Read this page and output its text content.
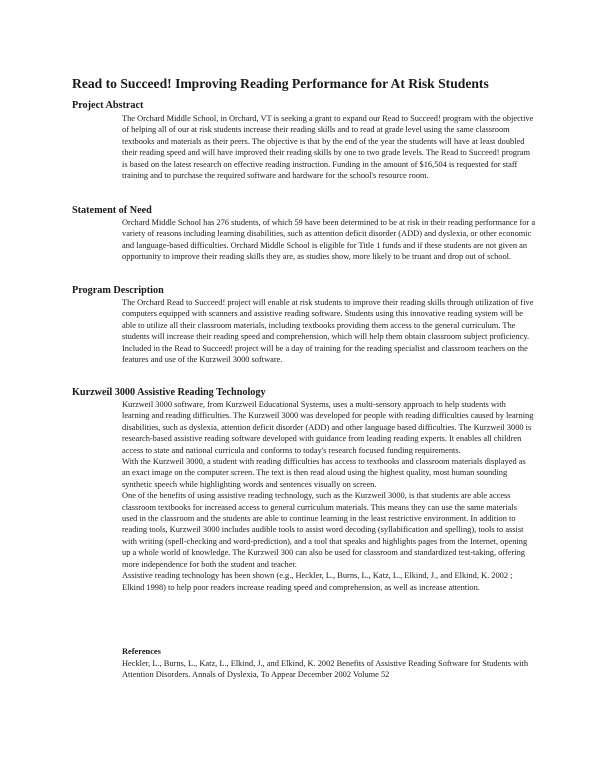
Read to Succeed! Improving Reading Performance for At Risk Students
Project Abstract

The Orchard Middle School, in Orchard, VT is seeking a grant to expand our Read to Succeed! program with the objective of helping all of our at risk students increase their reading skills and to read at grade level using the same classroom textbooks and materials as their peers. The objective is that by the end of the year the students will have at least doubled their reading speed and will have improved their reading skills by one to two grade levels. The Read to Succeed! program is based on the latest research on effective reading instruction. Funding in the amount of $16,504 is requested for staff training and to purchase the required software and hardware for the school's resource room.

Statement of Need

Orchard Middle School has 276 students, of which 59 have been determined to be at risk in their reading performance for a variety of reasons including learning disabilities, such as attention deficit disorder (ADD) and dyslexia, or other economic and language-based difficulties. Orchard Middle School is eligible for Title 1 funds and if these students are not given an opportunity to improve their reading skills they are, as studies show, more likely to be truant and drop out of school.

Program Description

The Orchard Read to Succeed! project will enable at risk students to improve their reading skills through utilization of five computers equipped with scanners and assistive reading software. Students using this innovative reading system will be able to utilize all their classroom materials, including textbooks providing them access to the general curriculum. The students will increase their reading speed and comprehension, which will help them obtain classroom subject proficiency. Included in the Read to Succeed! project will be a day of training for the reading specialist and classroom teachers on the features and use of the Kurzweil 3000 software.

Kurzweil 3000 Assistive Reading Technology

Kurzweil 3000 software, from Kurzweil Educational Systems, uses a multi-sensory approach to help students with learning and reading difficulties. The Kurzweil 3000 was developed for people with reading difficulties caused by learning disabilities, such as dyslexia, attention deficit disorder (ADD) and other language based difficulties. The Kurzweil 3000 is research-based assistive reading software developed with guidance from leading reading experts. It enables all children access to state and national curricula and conforms to today's research focused funding requirements.

With the Kurzweil 3000, a student with reading difficulties has access to textbooks and classroom materials displayed as an exact image on the computer screen. The text is then read aloud using the highest quality, most human sounding synthetic speech while highlighting words and sentences visually on screen.

One of the benefits of using assistive reading technology, such as the Kurzweil 3000, is that students are able access classroom textbooks for increased access to general curriculum materials. This means they can use the same materials used in the classroom and the students are able to continue learning in the least restrictive environment. In addition to reading tools, Kurzweil 3000 includes audible tools to assist word decoding (syllabification and spelling), tools to assist with writing (spell-checking and word-prediction), and a tool that speaks and highlights pages from the Internet, opening up a whole world of knowledge. The Kurzweil 300 can also be used for classroom and standardized test-taking, offering more independence for both the student and teacher.

Assistive reading technology has been shown (e.g., Heckler, L., Burns, L., Katz, L., Elkind, J., and Elkind, K. 2002 ; Elkind 1998) to help poor readers increase reading speed and comprehension, as well as increase attention.

References
Heckler, L., Burns, L., Katz, L., Elkind, J., and Elkind, K. 2002 Benefits of Assistive Reading Software for Students with Attention Disorders. Annals of Dyslexia, To Appear December 2002 Volume 52
